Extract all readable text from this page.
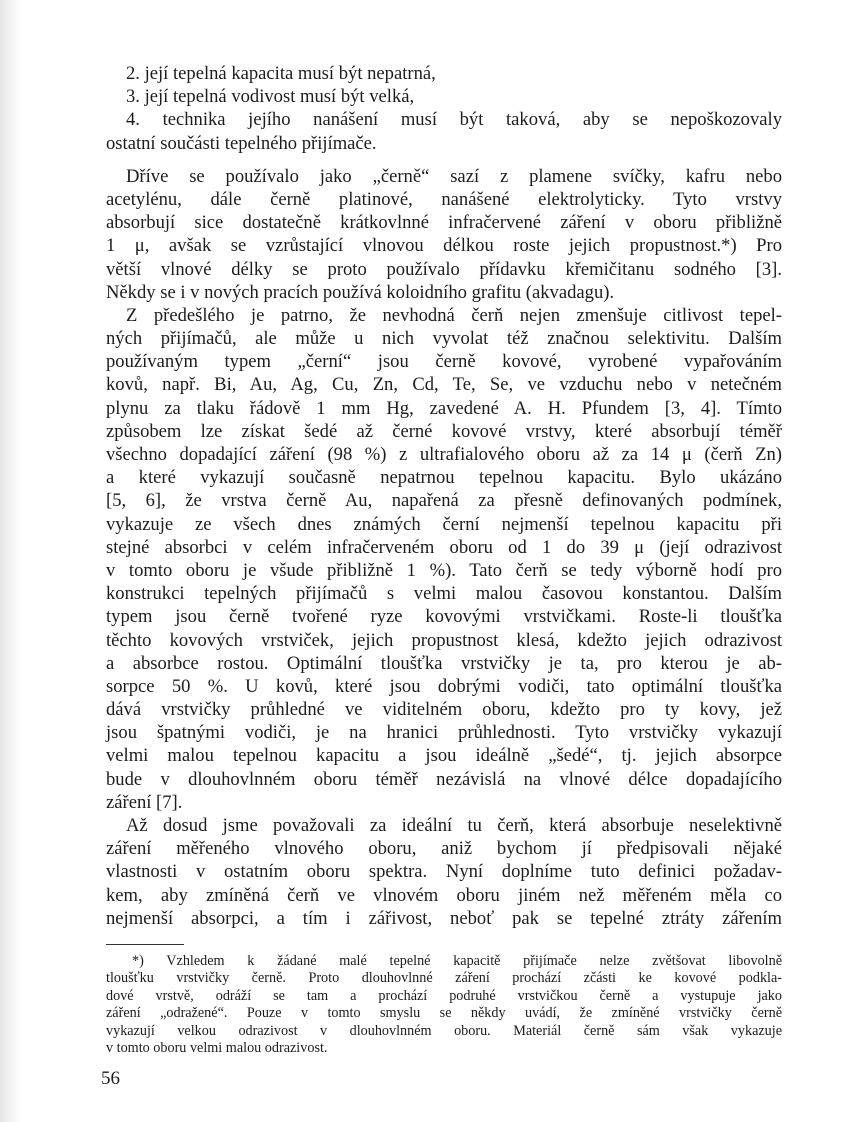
2. její tepelná kapacita musí být nepatrná,
3. její tepelná vodivost musí být velká,
4. technika jejího nanášení musí být taková, aby se nepoškozovaly
ostatní součásti tepelného přijímače.
Dříve se používalo jako „černě“ sazí z plamene svíčky, kafru nebo
acetylénu, dále černě platinové, nanášené elektrolyticky. Tyto vrstvy
absorbují sice dostatečně krátkovlnné infračervené záření v oboru přibližně
1 μ, avšak se vzrůstající vlnovou délkou roste jejich propustnost.*) Pro
větší vlnové délky se proto používalo přídavku křemičitanu sodného [3].
Někdy se i v nových pracích používá koloidního grafitu (akvadagu).
Z předešlého je patrno, že nevhodná čerň nejen zmenšuje citlivost tepel-
ných přijímačů, ale může u nich vyvolat též značnou selektivitu. Dalším
používaným typem „černí“ jsou černě kovové, vyrobené vypařováním
kovů, např. Bi, Au, Ag, Cu, Zn, Cd, Te, Se, ve vzduchu nebo v netečném
plynu za tlaku řádově 1 mm Hg, zavedené A. H. Pfundem [3, 4]. Tímto
způsobem lze získat šedé až černé kovové vrstvy, které absorbují téměř
všechno dopadající záření (98 %) z ultrafialového oboru až za 14 μ (čerň Zn)
a které vykazují současně nepatrnou tepelnou kapacitu. Bylo ukázáno
[5, 6], že vrstva černě Au, napařená za přesně definovaných podmínek,
vykazuje ze všech dnes známých černí nejmenší tepelnou kapacitu při
stejné absorbci v celém infračerveném oboru od 1 do 39 μ (její odrazivost
v tomto oboru je všude přibližně 1 %). Tato čerň se tedy výborně hodí pro
konstrukci tepelných přijímačů s velmi malou časovou konstantou. Dalším
typem jsou černě tvořené ryze kovovými vrstvičkami. Roste-li tloušťka
těchto kovových vrstviček, jejich propustnost klesá, kdežto jejich odrazivost
a absorbce rostou. Optimální tloušťka vrstvičky je ta, pro kterou je ab-
sorpce 50 %. U kovů, které jsou dobrými vodiči, tato optimální tloušťka
dává vrstvičky průhledné ve viditelném oboru, kdežto pro ty kovy, jež
jsou špatnými vodiči, je na hranici průhlednosti. Tyto vrstvičky vykazují
velmi malou tepelnou kapacitu a jsou ideálně „šedé“, tj. jejich absorpce
bude v dlouhovlnném oboru téměř nezávislá na vlnové délce dopadajícího
záření [7].
Až dosud jsme považovali za ideální tu čerň, která absorbuje neselektivně
záření měřeného vlnového oboru, aniž bychom jí předpisovali nějaké
vlastnosti v ostatním oboru spektra. Nyní doplníme tuto definici požadav-
kem, aby zmíněná čerň ve vlnovém oboru jiném než měřeném měla co
nejmenší absorpci, a tím i zářivost, neboť pak se tepelné ztráty zářením
*) Vzhledem k žádané malé tepelné kapacitě přijímače nelze zvětšovat libovolně
tloušťku vrstvičky černě. Proto dlouhovlnné záření prochází zčásti ke kovové podkla-
dové vrstvě, odráží se tam a prochází podruhé vrstvičkou černě a vystupuje jako
záření „odražené“. Pouze v tomto smyslu se někdy uvádí, že zmíněné vrstvičky černě
vykazují velkou odrazivost v dlouhovlnném oboru. Materiál černě sám však vykazuje
v tomto oboru velmi malou odrazivost.
56
